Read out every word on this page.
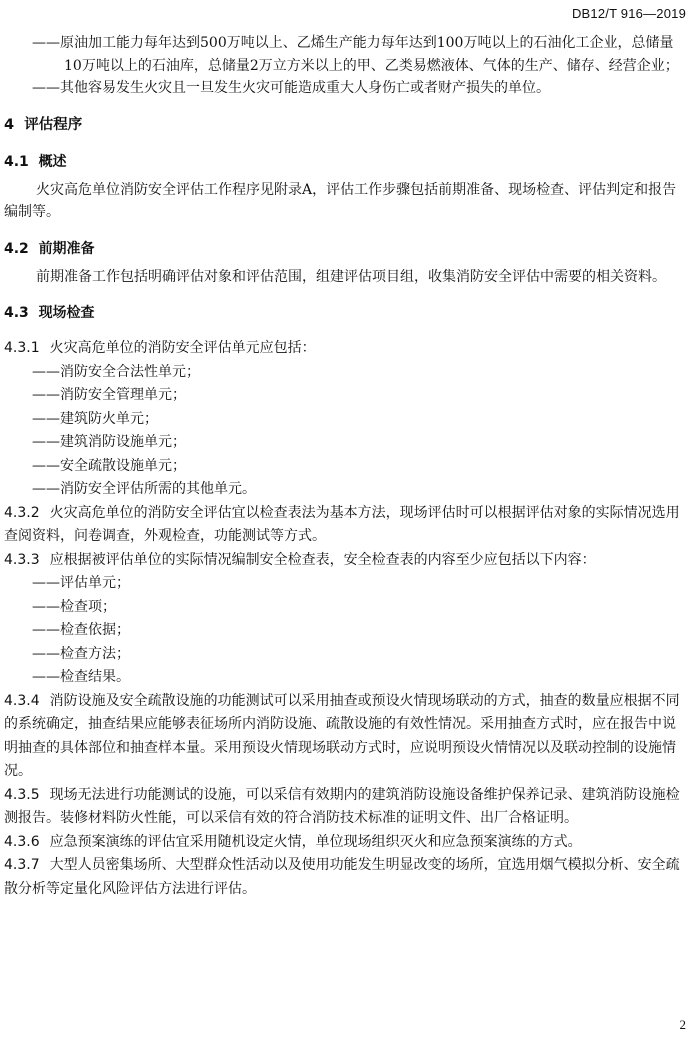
DB12/T 916—2019

——原油加工能力每年达到500万吨以上、乙烯生产能力每年达到100万吨以上的石油化工企业，总储量10万吨以上的石油库，总储量2万立方米以上的甲、乙类易燃液体、气体的生产、储存、经营企业；

——其他容易发生火灾且一旦发生火灾可能造成重大人身伤亡或者财产损失的单位。

4 评估程序
4.1 概述

火灾高危单位消防安全评估工作程序见附录A，评估工作步骤包括前期准备、现场检查、评估判定和报告编制等。

4.2 前期准备

前期准备工作包括明确评估对象和评估范围，组建评估项目组，收集消防安全评估中需要的相关资料。

4.3 现场检查

4.3.1 火灾高危单位的消防安全评估单元应包括：

——消防安全合法性单元；

——消防安全管理单元；

——建筑防火单元；

——建筑消防设施单元；

——安全疏散设施单元；

——消防安全评估所需的其他单元。

4.3.2 火灾高危单位的消防安全评估宜以检查表法为基本方法，现场评估时可以根据评估对象的实际情况选用查阅资料，问卷调查，外观检查，功能测试等方式。

4.3.3 应根据被评估单位的实际情况编制安全检查表，安全检查表的内容至少应包括以下内容：

——评估单元；

——检查项；

——检查依据；

——检查方法；

——检查结果。

4.3.4 消防设施及安全疏散设施的功能测试可以采用抽查或预设火情现场联动的方式，抽查的数量应根据不同的系统确定，抽查结果应能够表征场所内消防设施、疏散设施的有效性情况。采用抽查方式时，应在报告中说明抽查的具体部位和抽查样本量。采用预设火情现场联动方式时，应说明预设火情情况以及联动控制的设施情况。

4.3.5 现场无法进行功能测试的设施，可以采信有效期内的建筑消防设施设备维护保养记录、建筑消防设施检测报告。装修材料防火性能，可以采信有效的符合消防技术标准的证明文件、出厂合格证明。

4.3.6 应急预案演练的评估宜采用随机设定火情，单位现场组织灭火和应急预案演练的方式。

4.3.7 大型人员密集场所、大型群众性活动以及使用功能发生明显改变的场所，宜选用烟气模拟分析、安全疏散分析等定量化风险评估方法进行评估。

2
